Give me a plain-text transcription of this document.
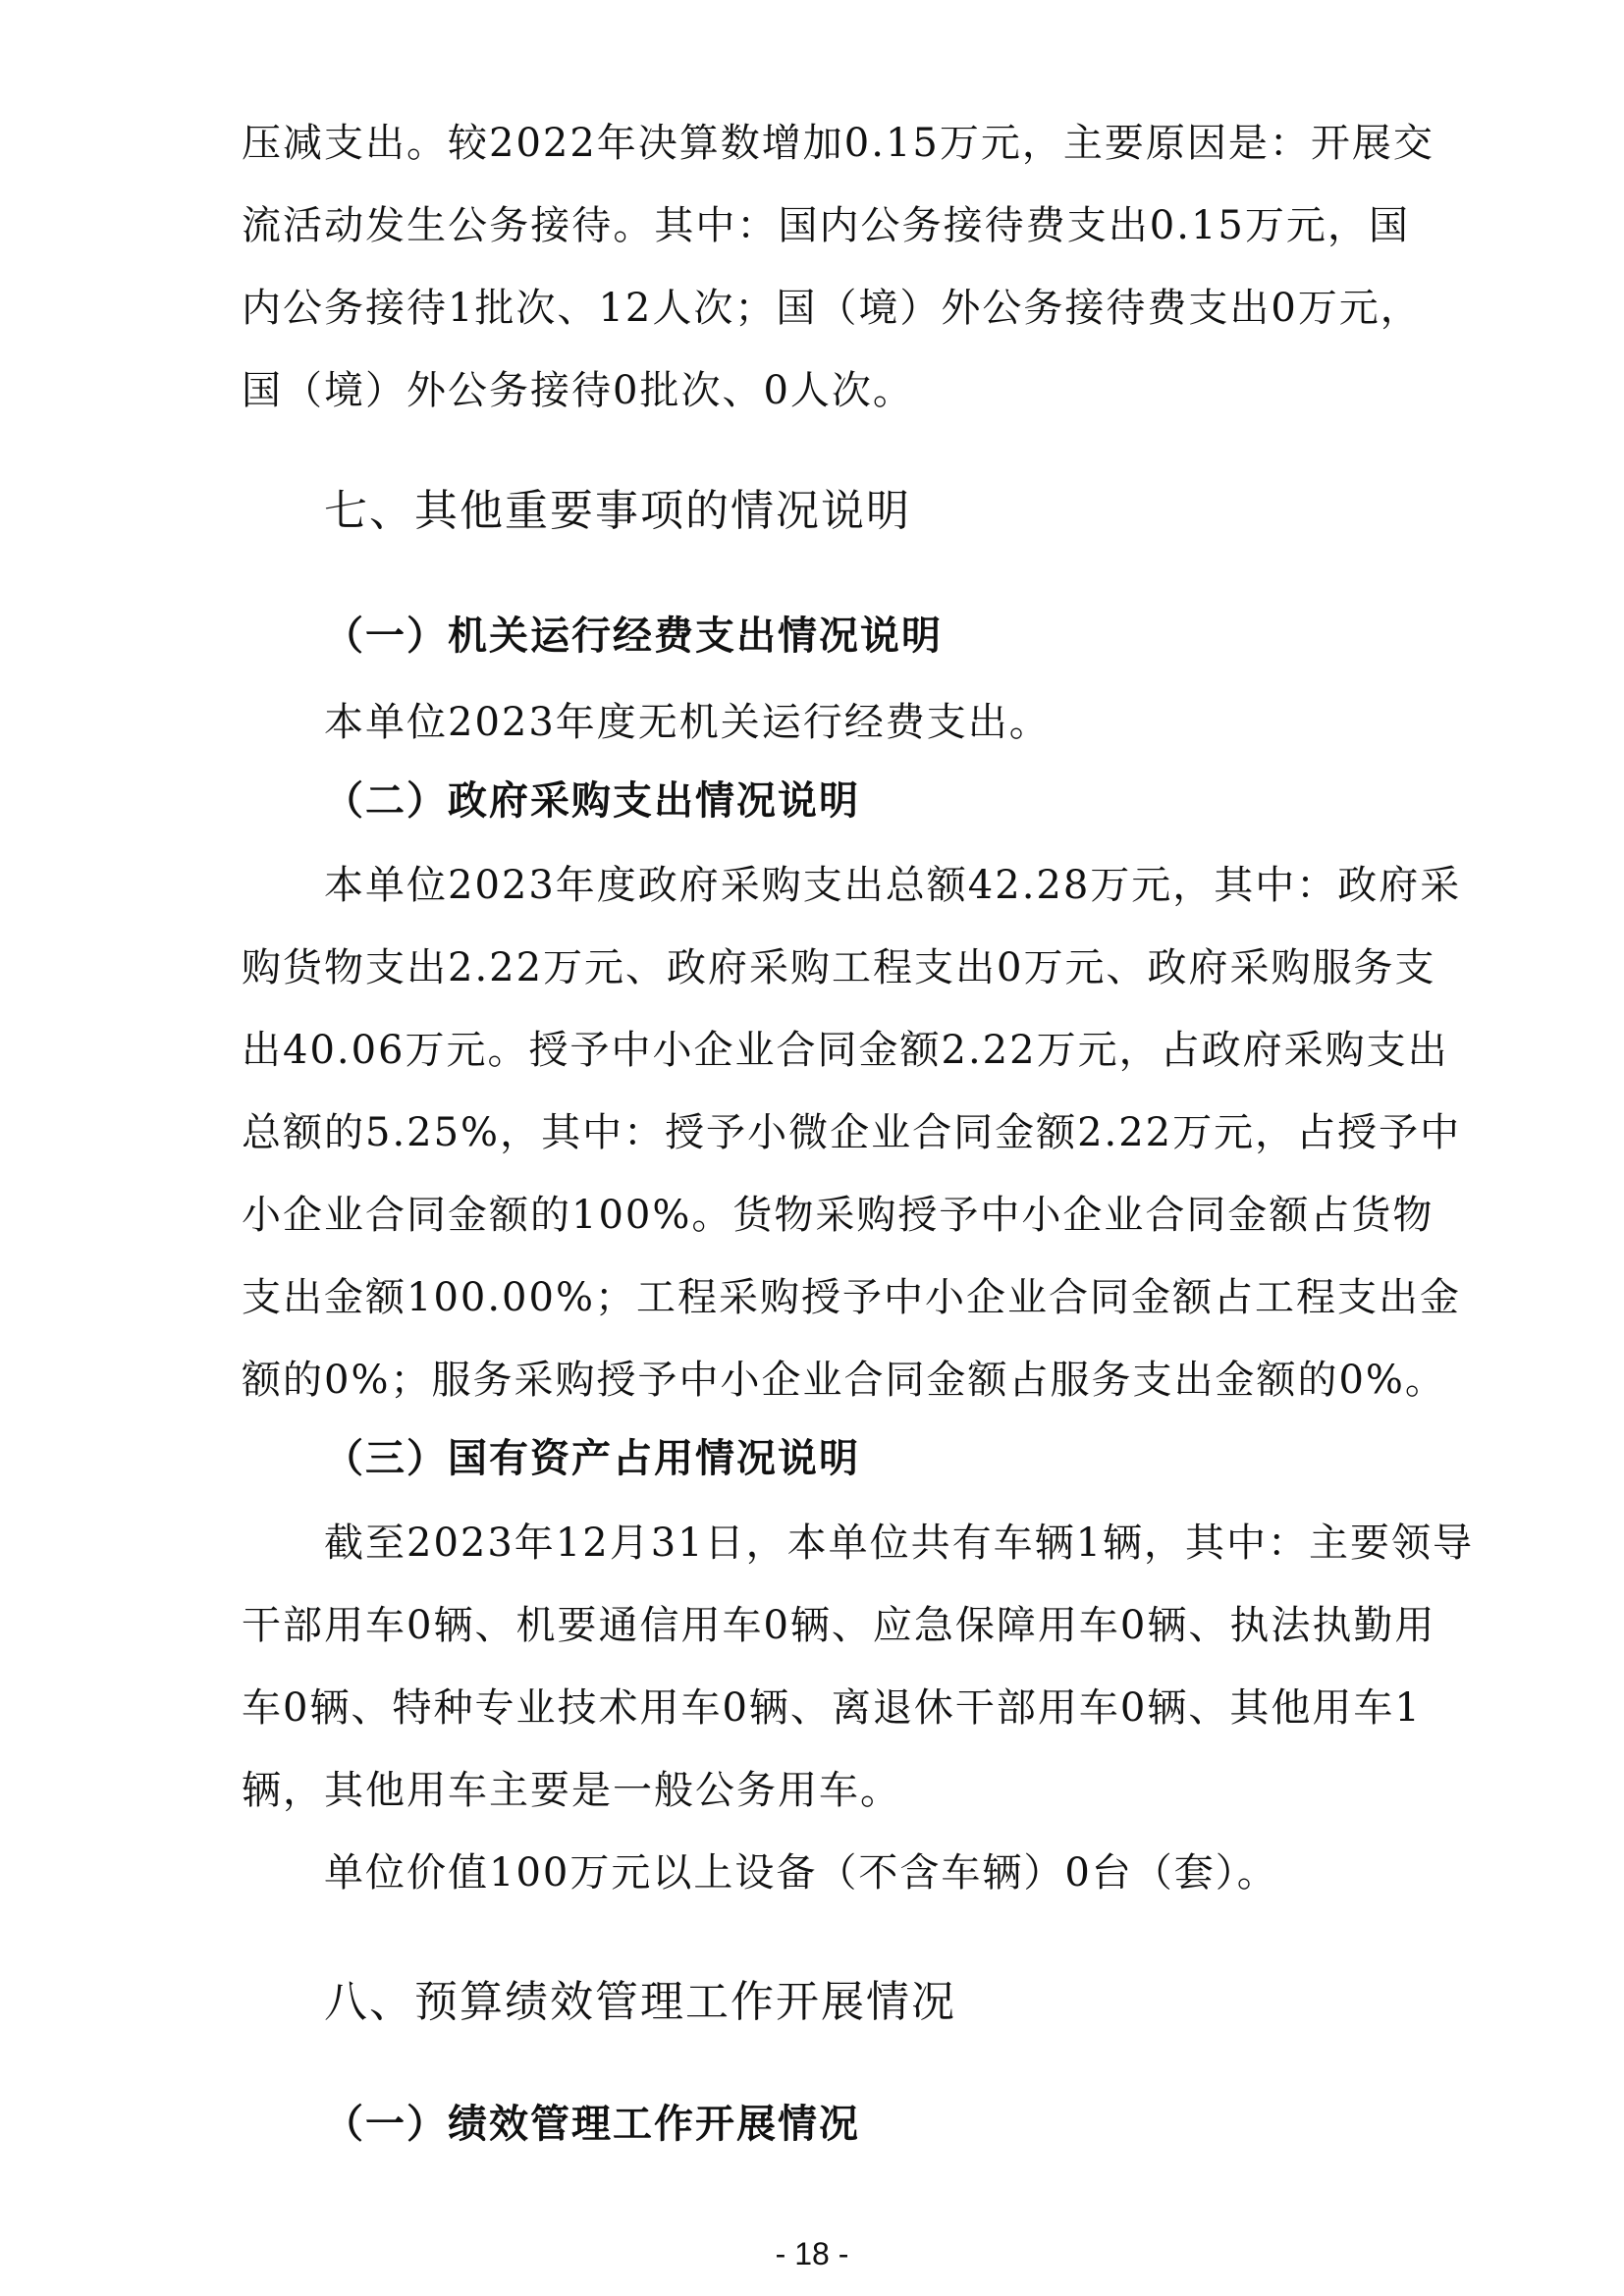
压减支出。较2022年决算数增加0.15万元，主要原因是：开展交
流活动发生公务接待。其中：国内公务接待费支出0.15万元，国
内公务接待1批次、12人次；国（境）外公务接待费支出0万元，
国（境）外公务接待0批次、0人次。
七、其他重要事项的情况说明
（一）机关运行经费支出情况说明
本单位2023年度无机关运行经费支出。
（二）政府采购支出情况说明
本单位2023年度政府采购支出总额42.28万元，其中：政府采
购货物支出2.22万元、政府采购工程支出0万元、政府采购服务支
出40.06万元。授予中小企业合同金额2.22万元，占政府采购支出
总额的5.25%，其中：授予小微企业合同金额2.22万元，占授予中
小企业合同金额的100%。货物采购授予中小企业合同金额占货物
支出金额100.00%；工程采购授予中小企业合同金额占工程支出金
额的0%；服务采购授予中小企业合同金额占服务支出金额的0%。
（三）国有资产占用情况说明
截至2023年12月31日，本单位共有车辆1辆，其中：主要领导
干部用车0辆、机要通信用车0辆、应急保障用车0辆、执法执勤用
车0辆、特种专业技术用车0辆、离退休干部用车0辆、其他用车1
辆，其他用车主要是一般公务用车。
单位价值100万元以上设备（不含车辆）0台（套）。
八、预算绩效管理工作开展情况
（一）绩效管理工作开展情况
- 18 -
